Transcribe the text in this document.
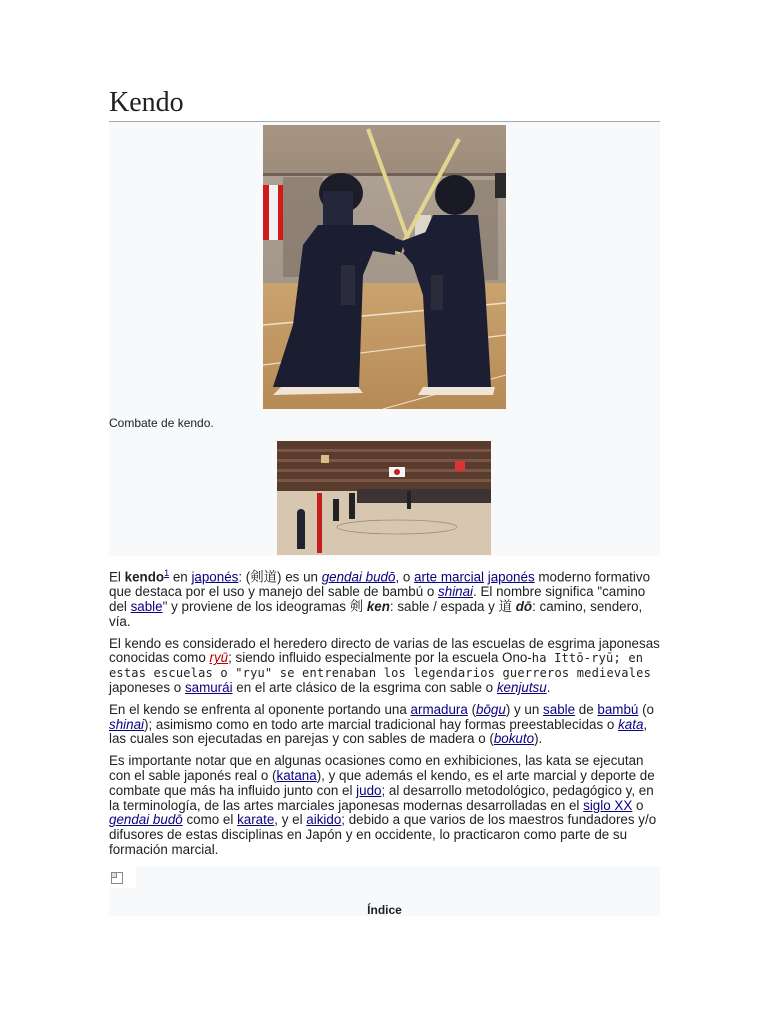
Kendo
Combate de kendo.

El kendo$^1$ en japonés: (剣道) es un gendai budō, o arte marcial japonés moderno formativo que destaca por el uso y manejo del sable de bambú o shinai. El nombre significa "camino del sable" y proviene de los ideogramas 剣 ken: sable / espada y 道 dō: camino, sendero, vía.

El kendo es considerado el heredero directo de varias de las escuelas de esgrima japonesas conocidas como ryū; siendo influido especialmente por la escuela Ono-ha Ittō-ryū; en estas escuelas o "ryu" se entrenaban los legendarios guerreros medievales japoneses o samurái en el arte clásico de la esgrima con sable o kenjutsu.

En el kendo se enfrenta al oponente portando una armadura (bōgu) y un sable de bambú (o shinai); asimismo como en todo arte marcial tradicional hay formas preestablecidas o kata, las cuales son ejecutadas en parejas y con sables de madera o (bokuto).

Es importante notar que en algunas ocasiones como en exhibiciones, las kata se ejecutan con el sable japonés real o (katana), y que además el kendo, es el arte marcial y deporte de combate que más ha influido junto con el judo; al desarrollo metodológico, pedagógico y, en la terminología, de las artes marciales japonesas modernas desarrolladas en el siglo XX o gendai budō como el karate, y el aikido; debido a que varios de los maestros fundadores y/o difusores de estas disciplinas en Japón y en occidente, lo practicaron como parte de su formación marcial.

Índice
